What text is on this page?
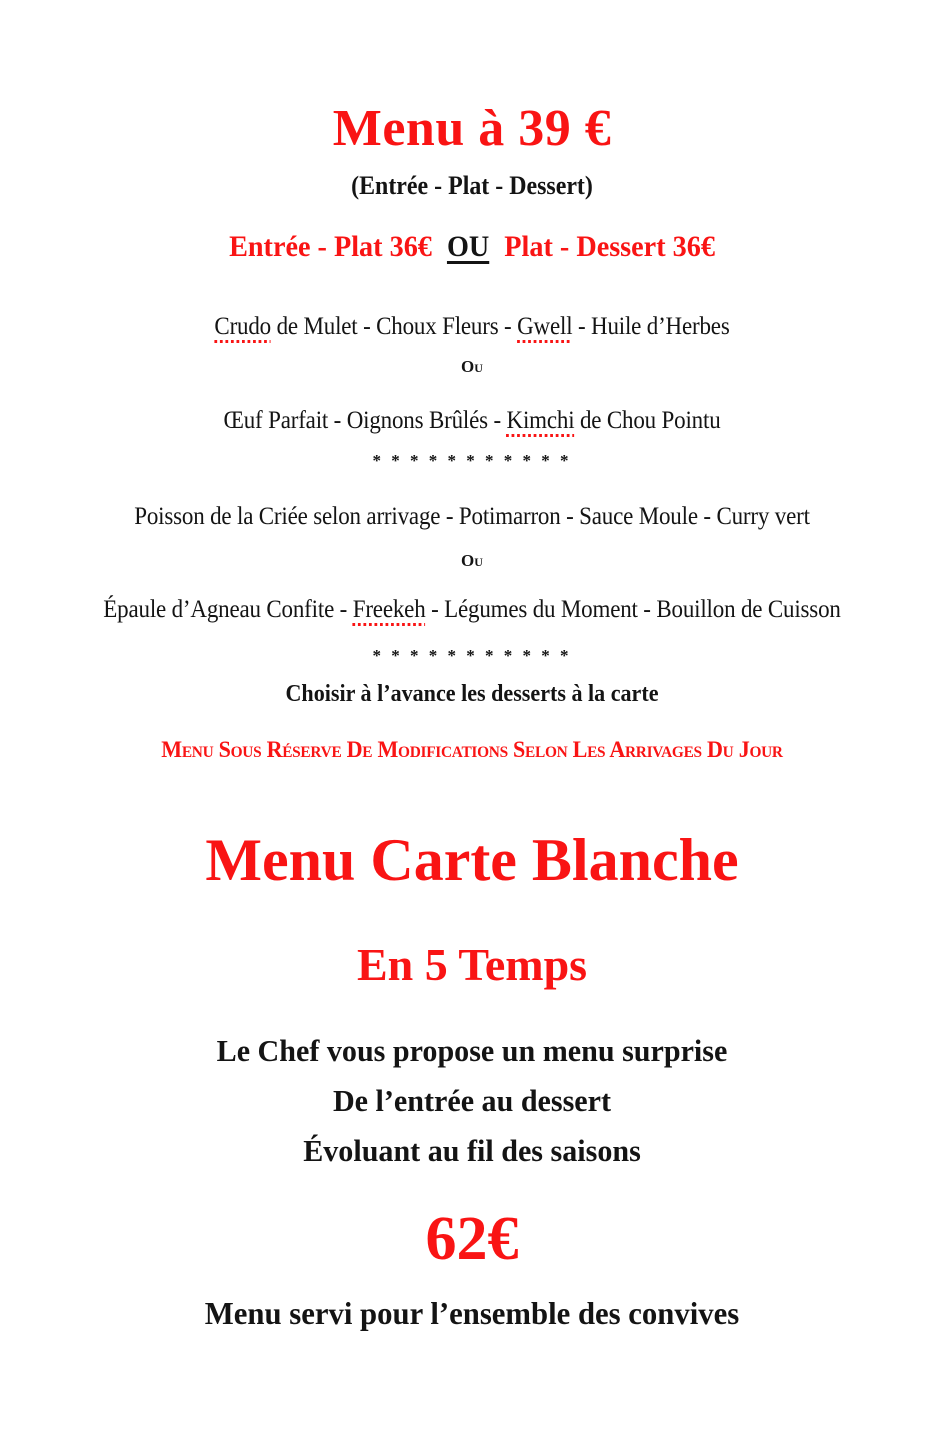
Menu à 39 €
(Entrée - Plat - Dessert)
Entrée - Plat 36€ OU Plat - Dessert 36€
Crudo de Mulet - Choux Fleurs - Gwell - Huile d’Herbes
Ou
Œuf Parfait - Oignons Brûlés - Kimchi de Chou Pointu
* * * * * * * * * * *
Poisson de la Criée selon arrivage - Potimarron - Sauce Moule - Curry vert
Ou
Épaule d’Agneau Confite - Freekeh - Légumes du Moment - Bouillon de Cuisson
* * * * * * * * * * *
Choisir à l’avance les desserts à la carte
Menu Sous Réserve De Modifications Selon Les Arrivages Du Jour
Menu Carte Blanche
En 5 Temps
Le Chef vous propose un menu surprise
De l’entrée au dessert
Évoluant au fil des saisons
62€
Menu servi pour l’ensemble des convives
